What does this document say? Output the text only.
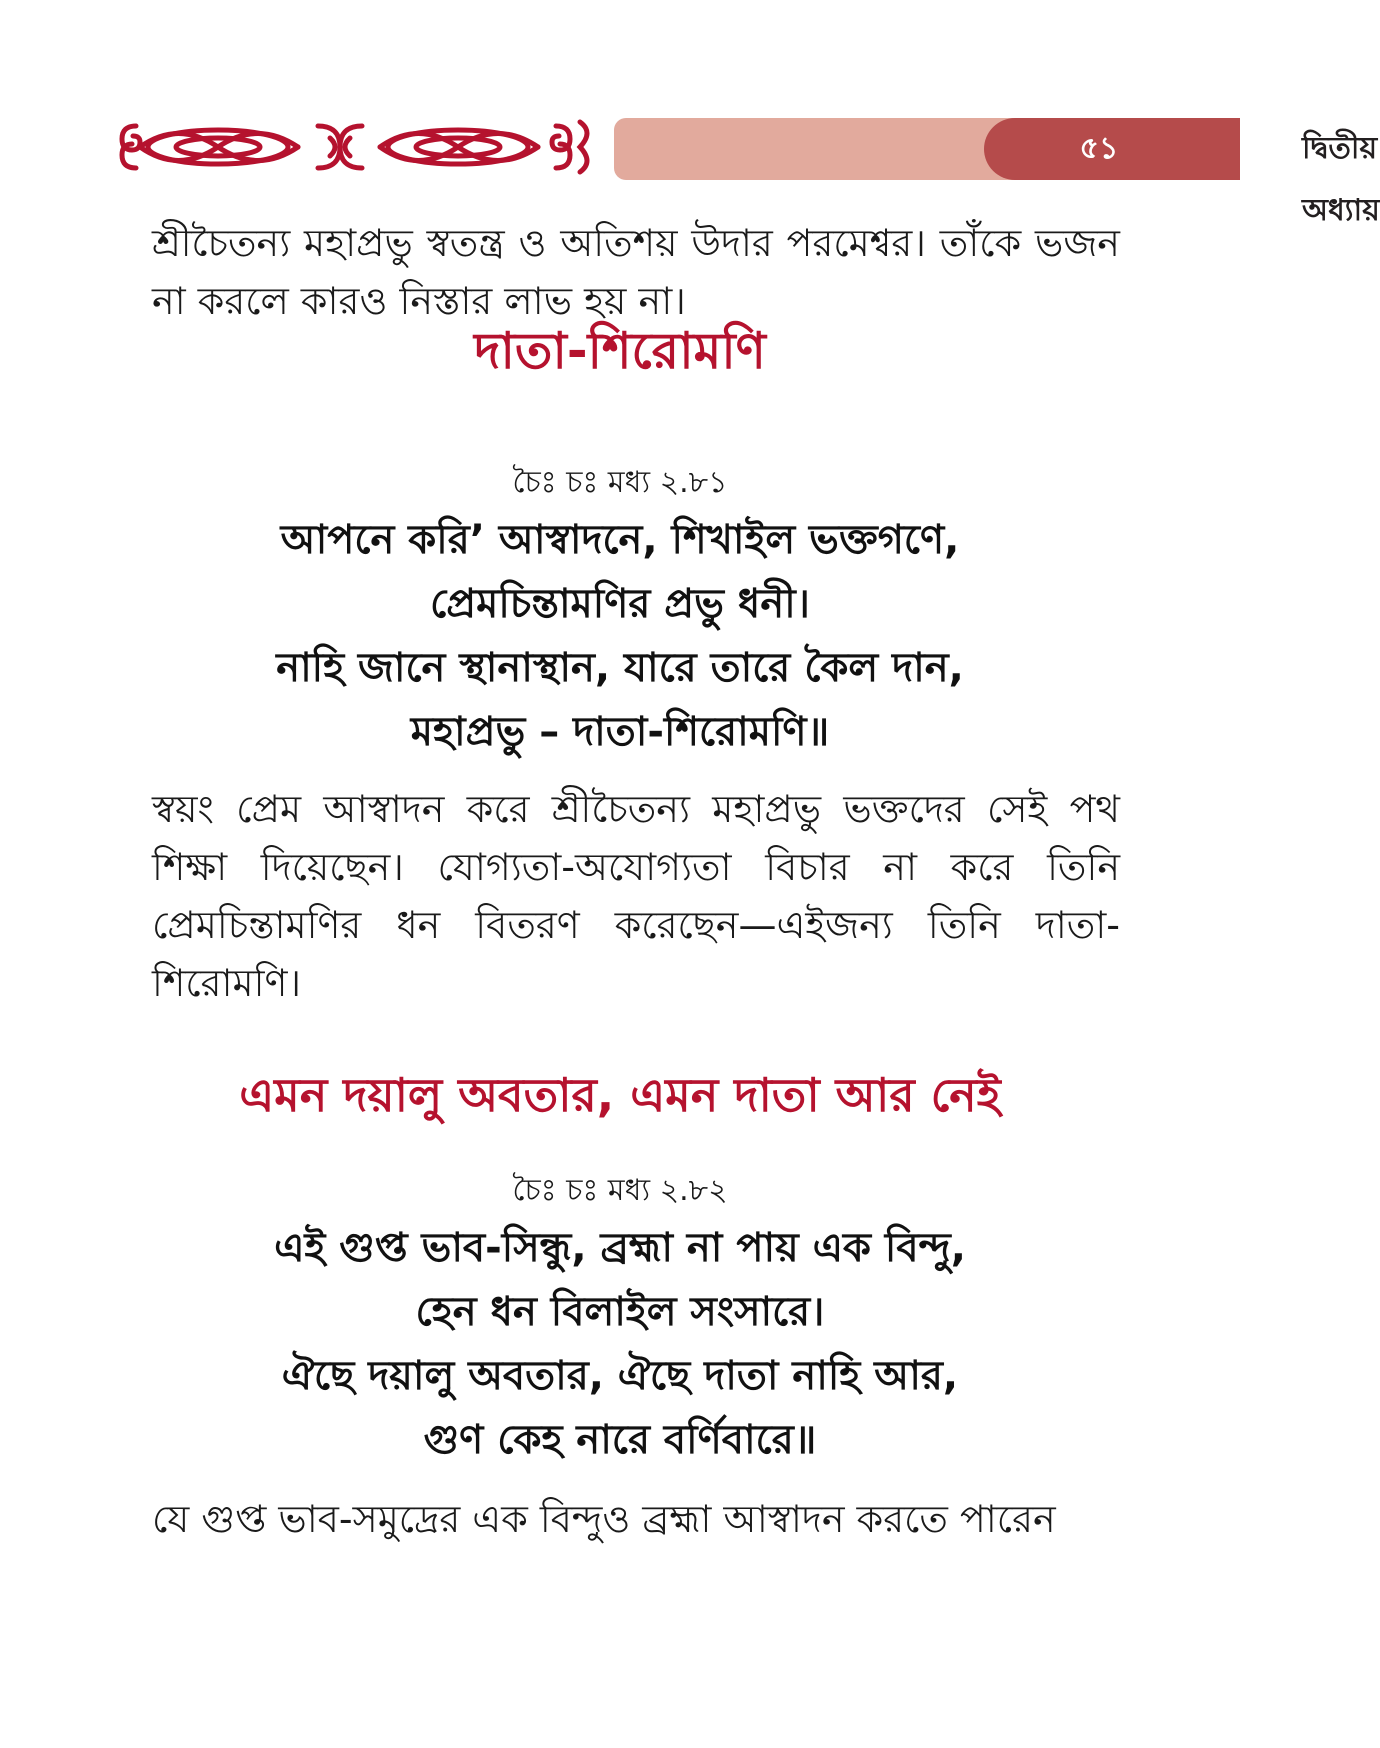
দ্বিতীয় অধ্যায়
৫১

শ্রীচৈতন্য মহাপ্রভু স্বতন্ত্র ও অতিশয় উদার পরমেশ্বর। তাঁকে ভজন না করলে কারও নিস্তার লাভ হয় না।

দাতা-শিরোমণি
চৈঃ চঃ মধ্য ২.৮১
আপনে করি’ আস্বাদনে, শিখাইল ভক্তগণে,
প্রেমচিন্তামণির প্রভু ধনী।
নাহি জানে স্থানাস্থান, যারে তারে কৈল দান,
মহাপ্রভু – দাতা-শিরোমণি॥

স্বয়ং প্রেম আস্বাদন করে শ্রীচৈতন্য মহাপ্রভু ভক্তদের সেই পথ শিক্ষা দিয়েছেন। যোগ্যতা-অযোগ্যতা বিচার না করে তিনি প্রেমচিন্তামণির ধন বিতরণ করেছেন—এইজন্য তিনি দাতা-শিরোমণি।

এমন দয়ালু অবতার, এমন দাতা আর নেই
চৈঃ চঃ মধ্য ২.৮২
এই গুপ্ত ভাব-সিন্ধু, ব্রহ্মা না পায় এক বিন্দু,
হেন ধন বিলাইল সংসারে।
ঐছে দয়ালু অবতার, ঐছে দাতা নাহি আর,
গুণ কেহ নারে বর্ণিবারে॥

যে গুপ্ত ভাব-সমুদ্রের এক বিন্দুও ব্রহ্মা আস্বাদন করতে পারেন
